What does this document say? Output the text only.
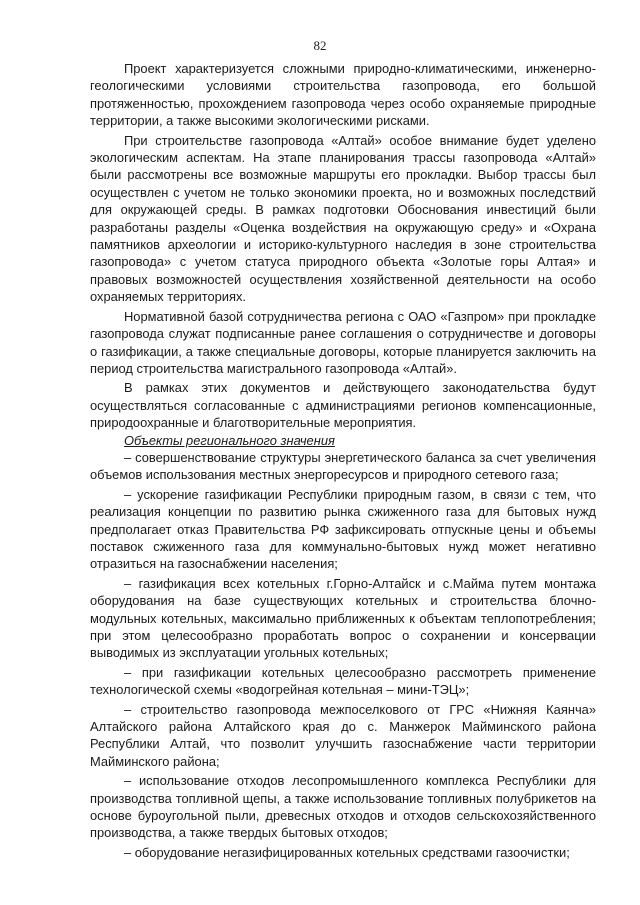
82

Проект характеризуется сложными природно-климатическими, инженерно-геологическими условиями строительства газопровода, его большой протяженностью, прохождением газопровода через особо охраняемые природные территории, а также высокими экологическими рисками.

При строительстве газопровода «Алтай» особое внимание будет уделено экологическим аспектам. На этапе планирования трассы газопровода «Алтай» были рассмотрены все возможные маршруты его прокладки. Выбор трассы был осуществлен с учетом не только экономики проекта, но и возможных последствий для окружающей среды. В рамках подготовки Обоснования инвестиций были разработаны разделы «Оценка воздействия на окружающую среду» и «Охрана памятников археологии и историко-культурного наследия в зоне строительства газопровода» с учетом статуса природного объекта «Золотые горы Алтая» и правовых возможностей осуществления хозяйственной деятельности на особо охраняемых территориях.

Нормативной базой сотрудничества региона с ОАО «Газпром» при прокладке газопровода служат подписанные ранее соглашения о сотрудничестве и договоры о газификации, а также специальные договоры, которые планируется заключить на период строительства магистрального газопровода «Алтай».

В рамках этих документов и действующего законодательства будут осуществляться согласованные с администрациями регионов компенсационные, природоохранные и благотворительные мероприятия.

Объекты регионального значения

– совершенствование структуры энергетического баланса за счет увеличения объемов использования местных энергоресурсов и природного сетевого газа;

– ускорение газификации Республики природным газом, в связи с тем, что реализация концепции по развитию рынка сжиженного газа для бытовых нужд предполагает отказ Правительства РФ зафиксировать отпускные цены и объемы поставок сжиженного газа для коммунально-бытовых нужд может негативно отразиться на газоснабжении населения;

– газификация всех котельных г.Горно-Алтайск и с.Майма путем монтажа оборудования на базе существующих котельных и строительства блочно-модульных котельных, максимально приближенных к объектам теплопотребления; при этом целесообразно проработать вопрос о сохранении и консервации выводимых из эксплуатации угольных котельных;

– при газификации котельных целесообразно рассмотреть применение технологической схемы «водогрейная котельная – мини-ТЭЦ»;

– строительство газопровода межпоселкового от ГРС «Нижняя Каянча» Алтайского района Алтайского края до с. Манжерок Майминского района Республики Алтай, что позволит улучшить газоснабжение части территории Майминского района;

– использование отходов лесопромышленного комплекса Республики для производства топливной щепы, а также использование топливных полубрикетов на основе буроугольной пыли, древесных отходов и отходов сельскохозяйственного производства, а также твердых бытовых отходов;

– оборудование негазифицированных котельных средствами газоочистки;
